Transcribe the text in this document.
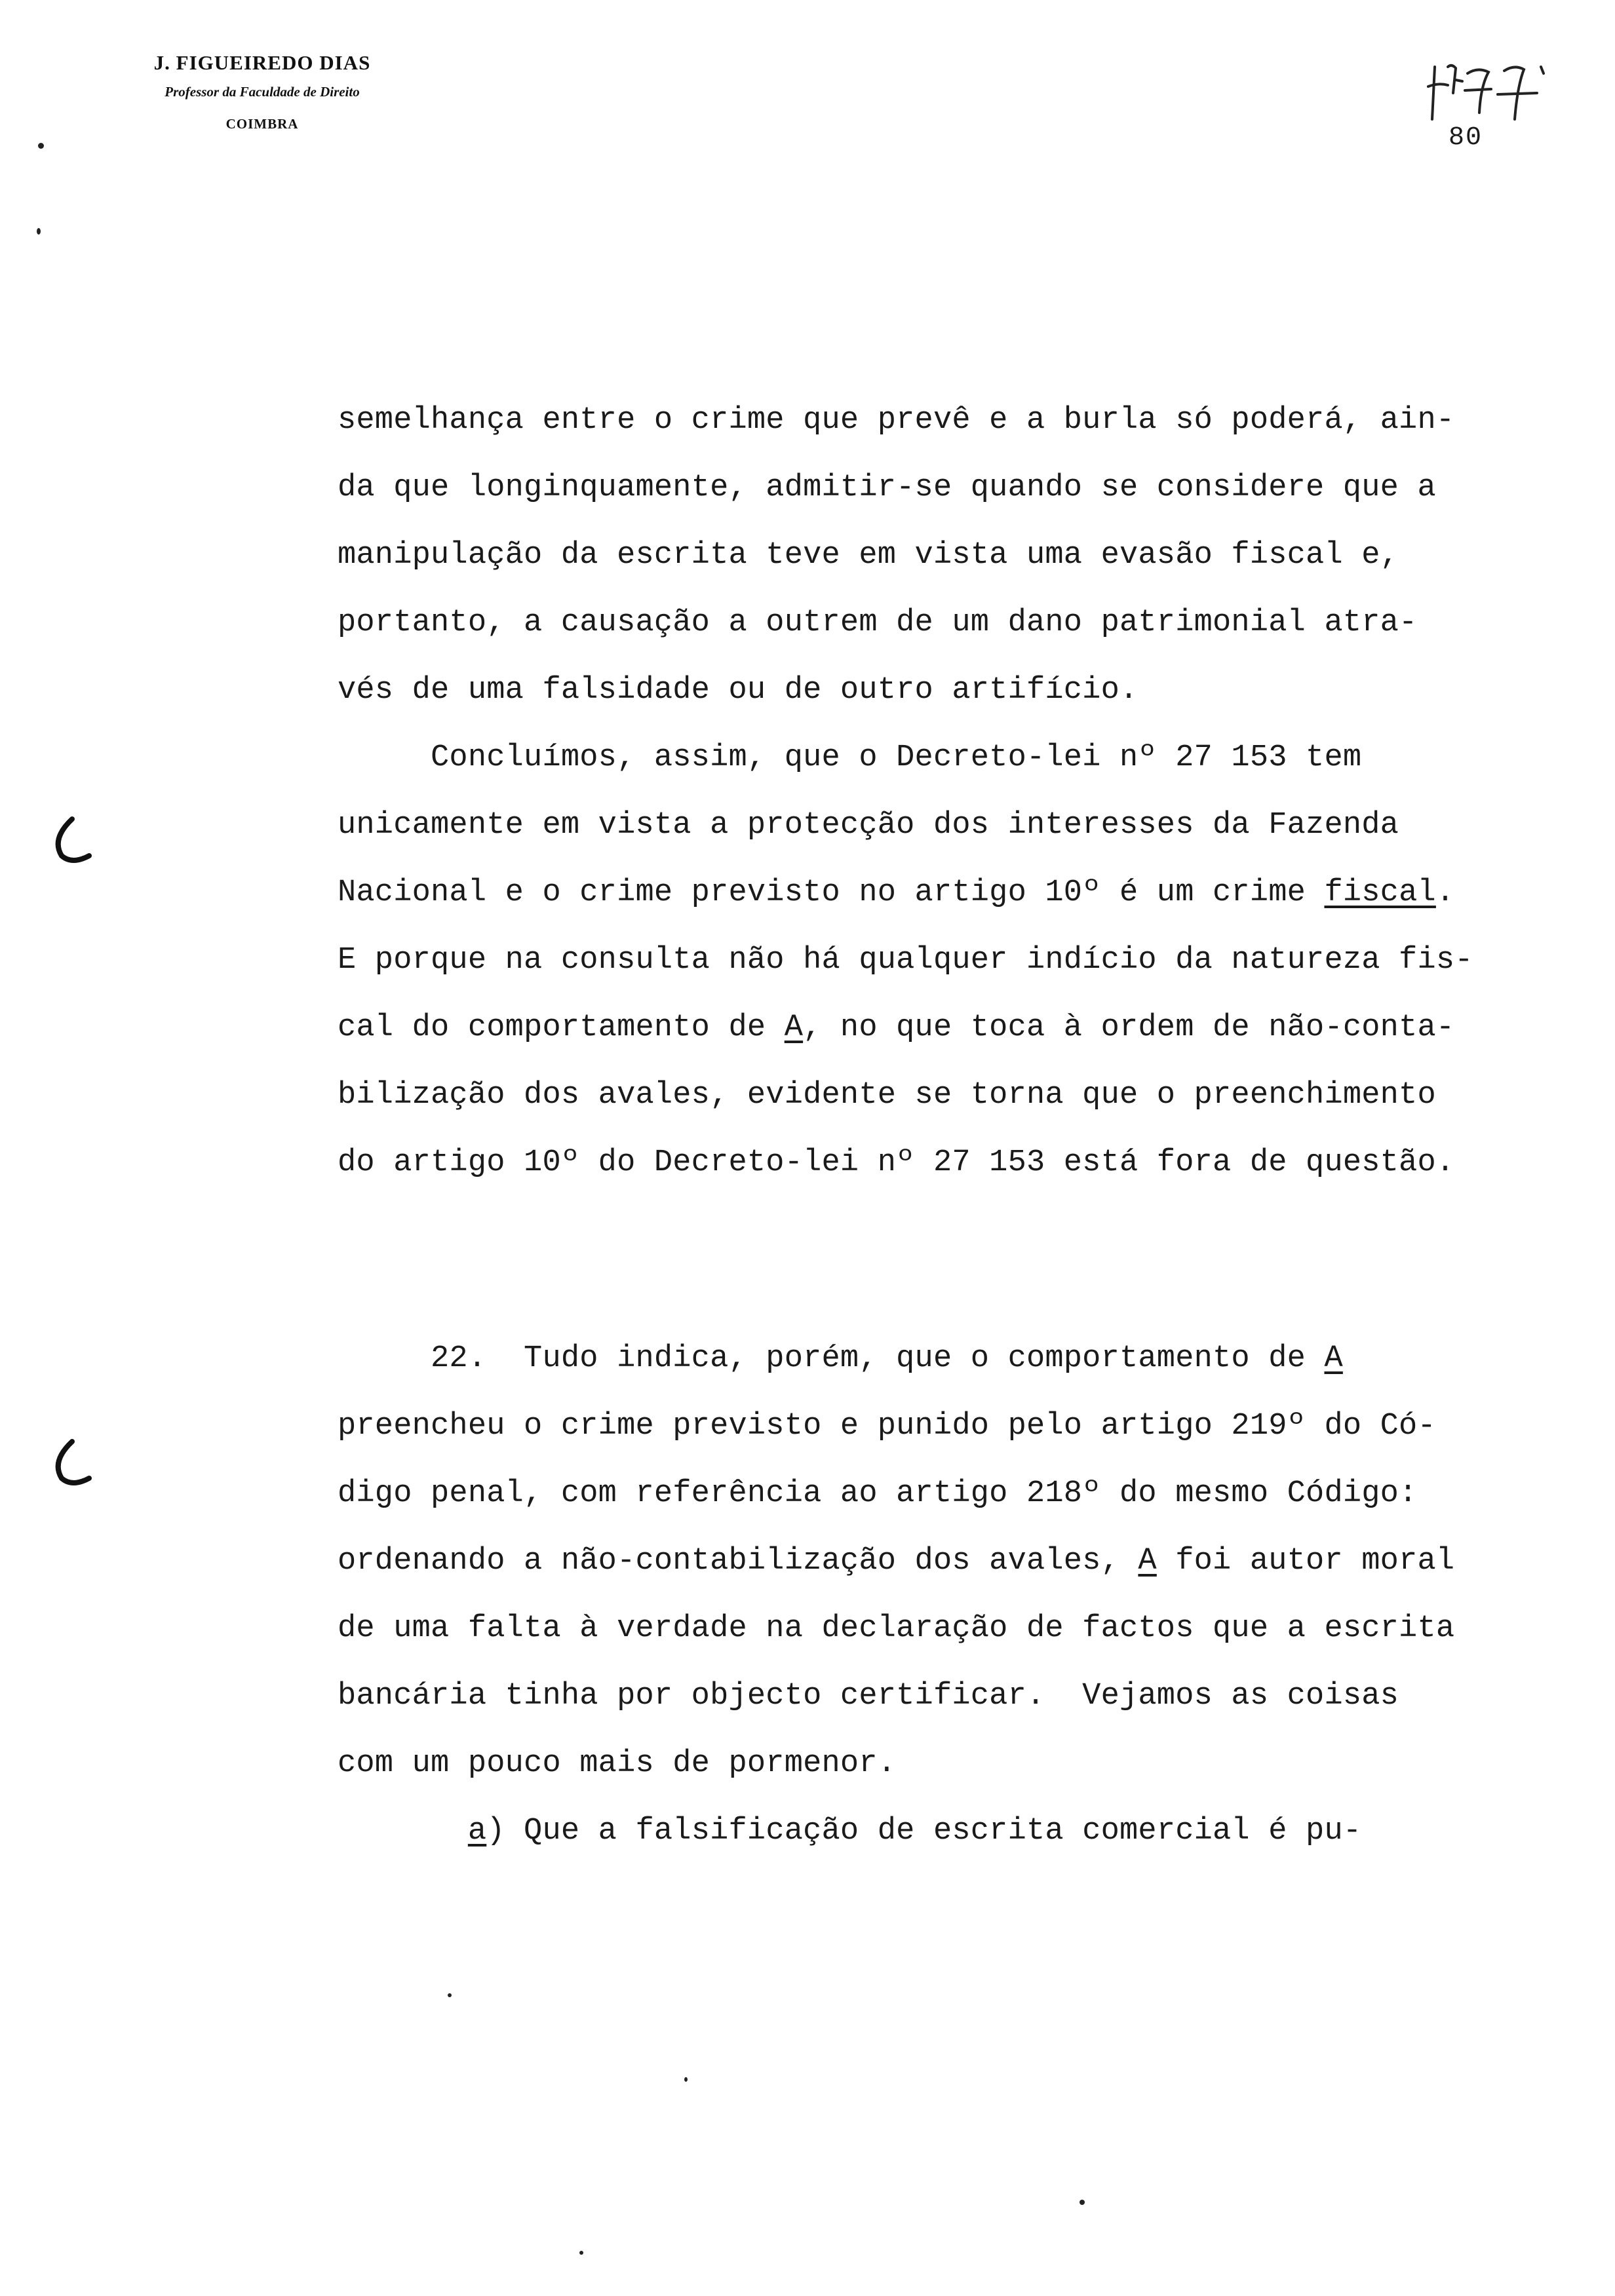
J. FIGUEIREDO DIAS
Professor da Faculdade de Direito
COIMBRA	80
semelhança entre o crime que prevê e a burla só poderá, ain-
da que longinquamente, admitir-se quando se considere que a
manipulação da escrita teve em vista uma evasão fiscal e,
portanto, a causação a outrem de um dano patrimonial atra-
vés de uma falsidade ou de outro artifício.
Concluímos, assim, que o Decreto-lei nº 27 153 tem
unicamente em vista a protecção dos interesses da Fazenda
Nacional e o crime previsto no artigo 10º é um crime fiscal.
E porque na consulta não há qualquer indício da natureza fis-
cal do comportamento de A, no que toca à ordem de não-conta-
bilização dos avales, evidente se torna que o preenchimento
do artigo 10º do Decreto-lei nº 27 153 está fora de questão.
22.  Tudo indica, porém, que o comportamento de A
preencheu o crime previsto e punido pelo artigo 219º do Có-
digo penal, com referência ao artigo 218º do mesmo Código:
ordenando a não-contabilização dos avales, A foi autor moral
de uma falta à verdade na declaração de factos que a escrita
bancária tinha por objecto certificar.  Vejamos as coisas
com um pouco mais de pormenor.
a) Que a falsificação de escrita comercial é pu-
